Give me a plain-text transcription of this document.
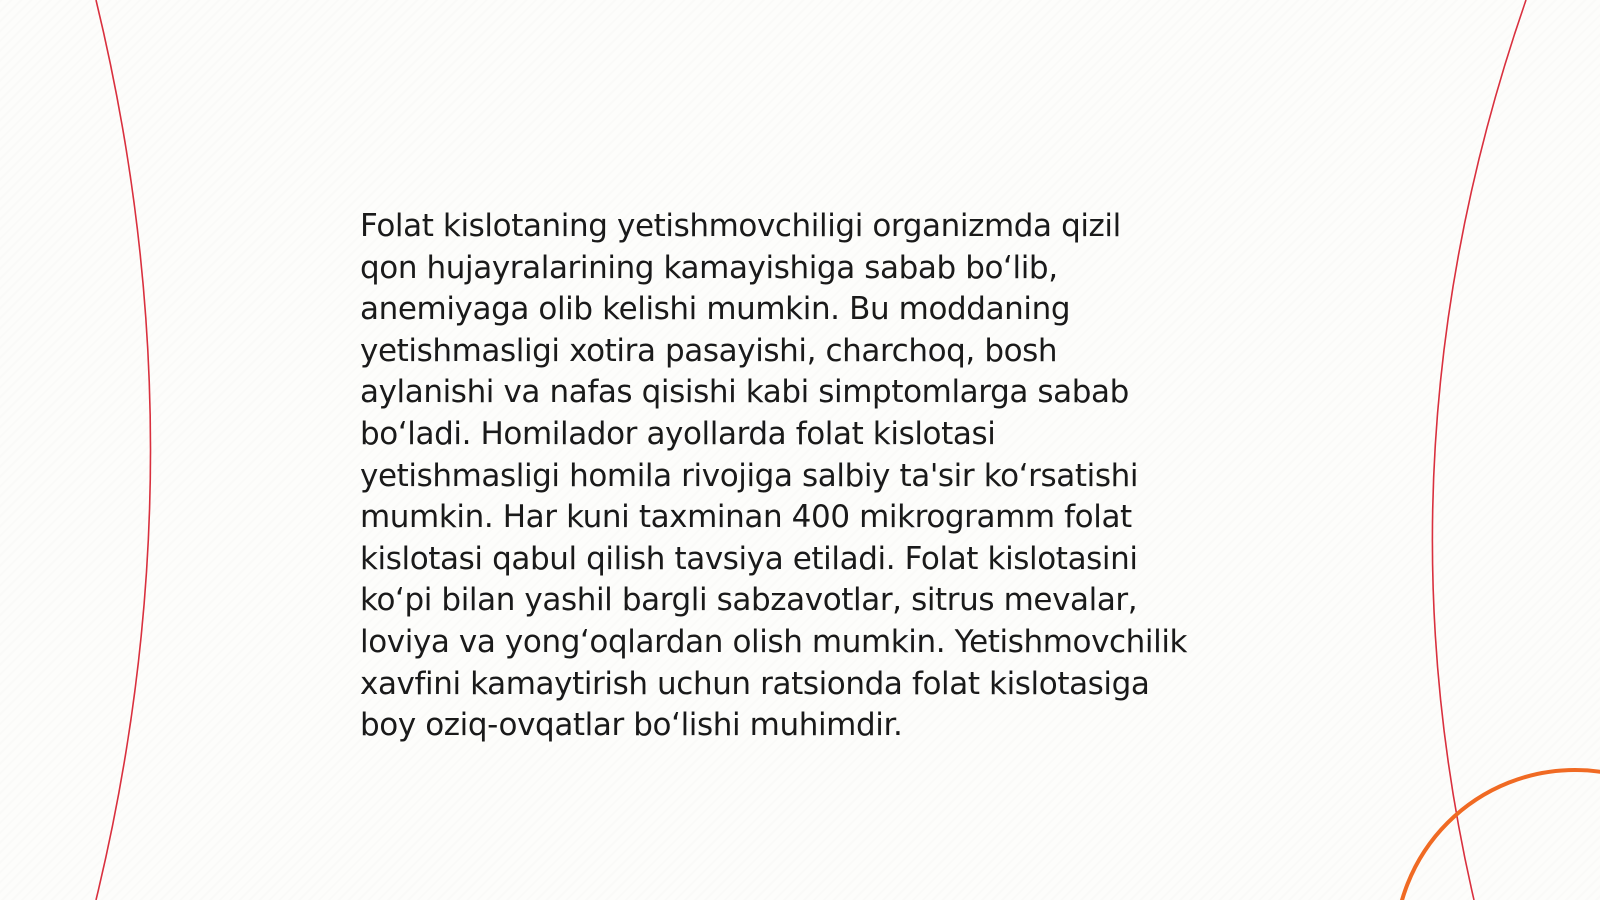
Folat kislotaning yetishmovchiligi organizmda qizil
qon hujayralarining kamayishiga sabab bo‘lib,
anemiyaga olib kelishi mumkin. Bu moddaning
yetishmasligi xotira pasayishi, charchoq, bosh
aylanishi va nafas qisishi kabi simptomlarga sabab
bo‘ladi. Homilador ayollarda folat kislotasi
yetishmasligi homila rivojiga salbiy ta'sir ko‘rsatishi
mumkin. Har kuni taxminan 400 mikrogramm folat
kislotasi qabul qilish tavsiya etiladi. Folat kislotasini
ko‘pi bilan yashil bargli sabzavotlar, sitrus mevalar,
loviya va yong‘oqlardan olish mumkin. Yetishmovchilik
xavfini kamaytirish uchun ratsionda folat kislotasiga
boy oziq-ovqatlar bo‘lishi muhimdir.
